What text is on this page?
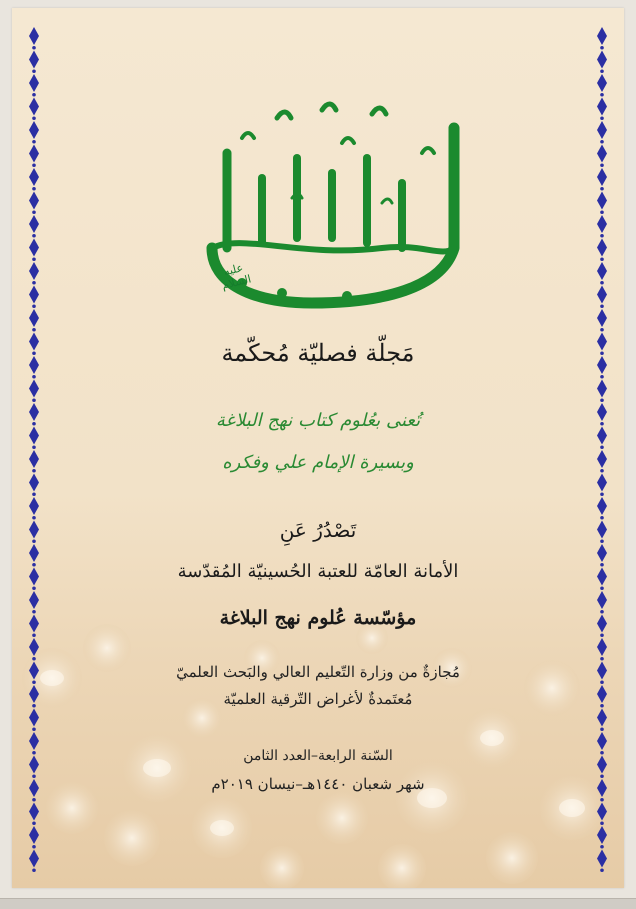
عليه السلام
مَجلّة فصليّة مُحكّمة
تُعنى بعُلوم كتاب نهج البلاغة
وبسيرة الإمام علي وفكره
تَصْدُرُ عَنِ
الأمانة العامّة للعتبة الحُسينيّة المُقدّسة
مؤسّسة عُلوم نهج البلاغة
مُجازةٌ من وزارة التّعليم العالي والبَحث العلميّ
مُعتَمدةٌ لأغراض التّرقية العلميّة
السّنة الرابعة–العدد الثامن
شهر شعبان ١٤٤٠هـ–نيسان ٢٠١٩م
